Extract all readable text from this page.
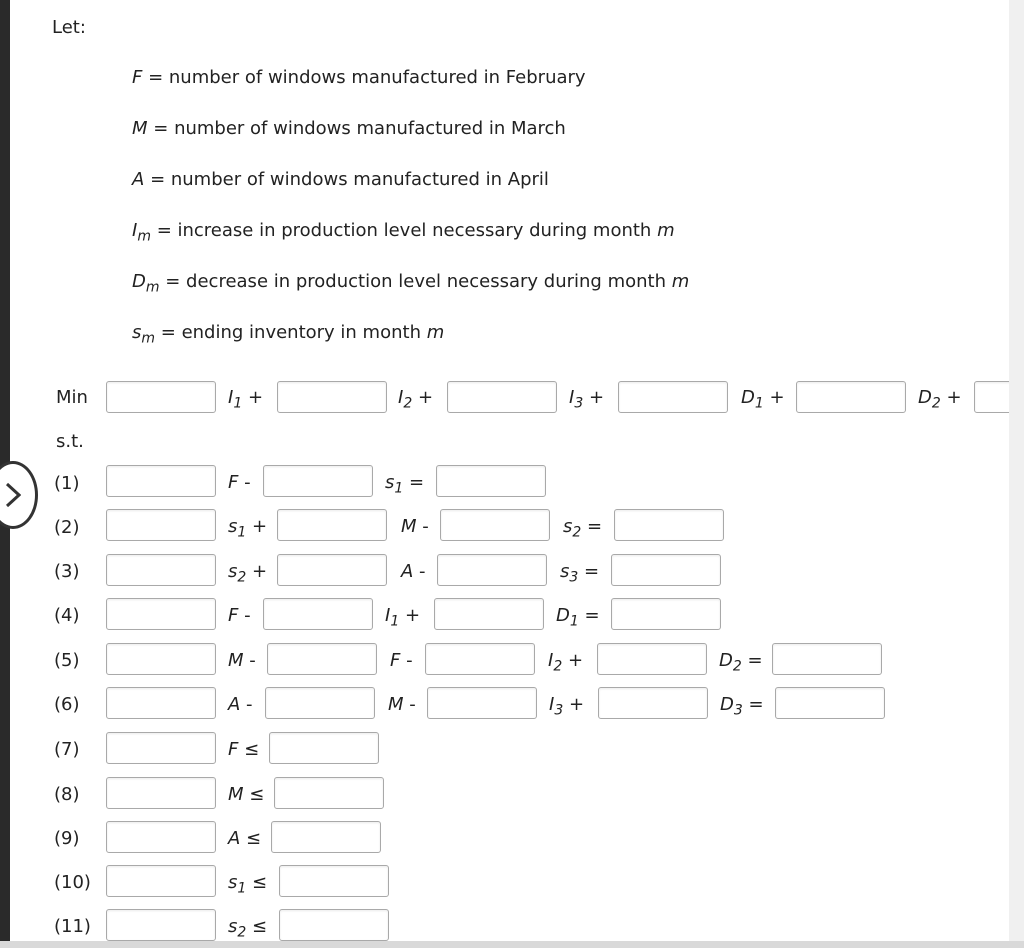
Let:
F = number of windows manufactured in February
M = number of windows manufactured in March
A = number of windows manufactured in April
$I_m$ = increase in production level necessary during month m
$D_m$ = decrease in production level necessary during month m
$s_m$ = ending inventory in month m
Min	$I_1$ +	$I_2$ +	$I_3$ +	$D_1$ +	$D_2$ +
s.t.
(1)	F -	$s_1$ =
(2)	$s_1$ +	M -	$s_2$ =
(3)	$s_2$ +	A -	$s_3$ =
(4)	F -	$I_1$ +	$D_1$ =
(5)	M -	F -	$I_2$ +	$D_2$ =
(6)	A -	M -	$I_3$ +	$D_3$ =
(7)	F ≤
(8)	M ≤
(9)	A ≤
(10)	$s_1$ ≤
(11)	$s_2$ ≤
